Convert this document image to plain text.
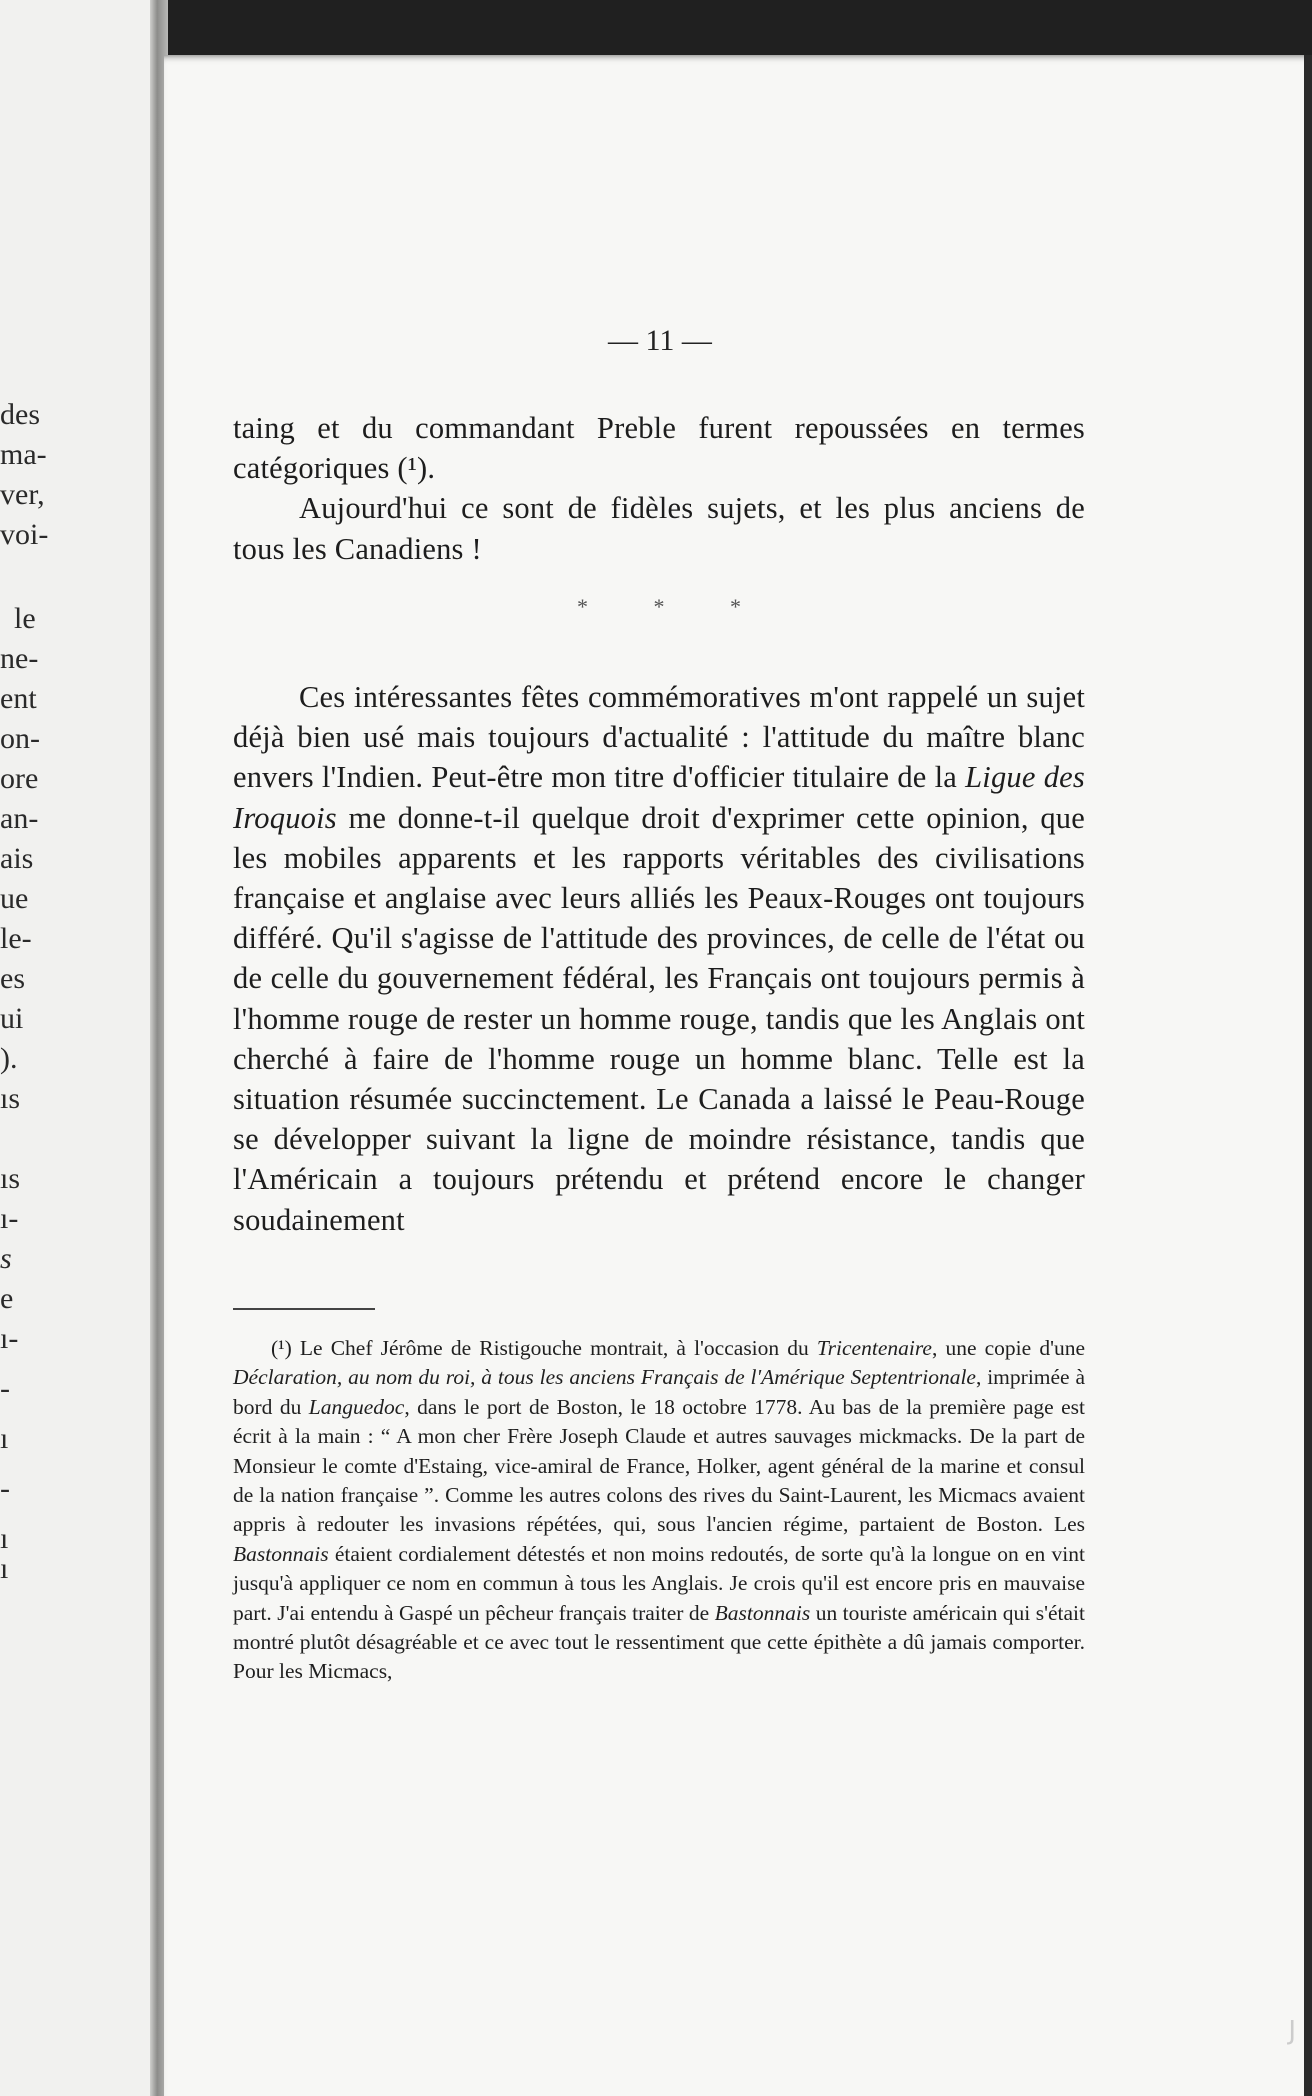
des
ma-
ver,
voi-
le
ne-
ent
on-
ore
an-
ais
ue
le-
es
ui
).
ıs
ıs
ı-
s
e
ı-
-
ı
-
ı
ı
— 11 —

taing et du commandant Preble furent repoussées en termes catégoriques (¹).

Aujourd'hui ce sont de fidèles sujets, et les plus anciens de tous les Canadiens !

* * *

Ces intéressantes fêtes commémoratives m'ont rappelé un sujet déjà bien usé mais toujours d'actualité : l'attitude du maître blanc envers l'Indien. Peut-être mon titre d'officier titulaire de la Ligue des Iroquois me donne-t-il quelque droit d'exprimer cette opinion, que les mobiles apparents et les rapports véritables des civilisations française et anglaise avec leurs alliés les Peaux-Rouges ont toujours différé. Qu'il s'agisse de l'attitude des provinces, de celle de l'état ou de celle du gouvernement fédéral, les Français ont toujours permis à l'homme rouge de rester un homme rouge, tandis que les Anglais ont cherché à faire de l'homme rouge un homme blanc. Telle est la situation résumée succinctement. Le Canada a laissé le Peau-Rouge se développer suivant la ligne de moindre résistance, tandis que l'Américain a toujours prétendu et prétend encore le changer soudainement

(¹) Le Chef Jérôme de Ristigouche montrait, à l'occasion du Tricentenaire, une copie d'une Déclaration, au nom du roi, à tous les anciens Français de l'Amérique Septentrionale, imprimée à bord du Languedoc, dans le port de Boston, le 18 octobre 1778. Au bas de la première page est écrit à la main : “ A mon cher Frère Joseph Claude et autres sauvages mickmacks. De la part de Monsieur le comte d'Estaing, vice-amiral de France, Holker, agent général de la marine et consul de la nation française ”. Comme les autres colons des rives du Saint-Laurent, les Micmacs avaient appris à redouter les invasions répétées, qui, sous l'ancien régime, partaient de Boston. Les Bastonnais étaient cordialement détestés et non moins redoutés, de sorte qu'à la longue on en vint jusqu'à appliquer ce nom en commun à tous les Anglais. Je crois qu'il est encore pris en mauvaise part. J'ai entendu à Gaspé un pêcheur français traiter de Bastonnais un touriste américain qui s'était montré plutôt désagréable et ce avec tout le ressentiment que cette épithète a dû jamais comporter. Pour les Micmacs,

J
